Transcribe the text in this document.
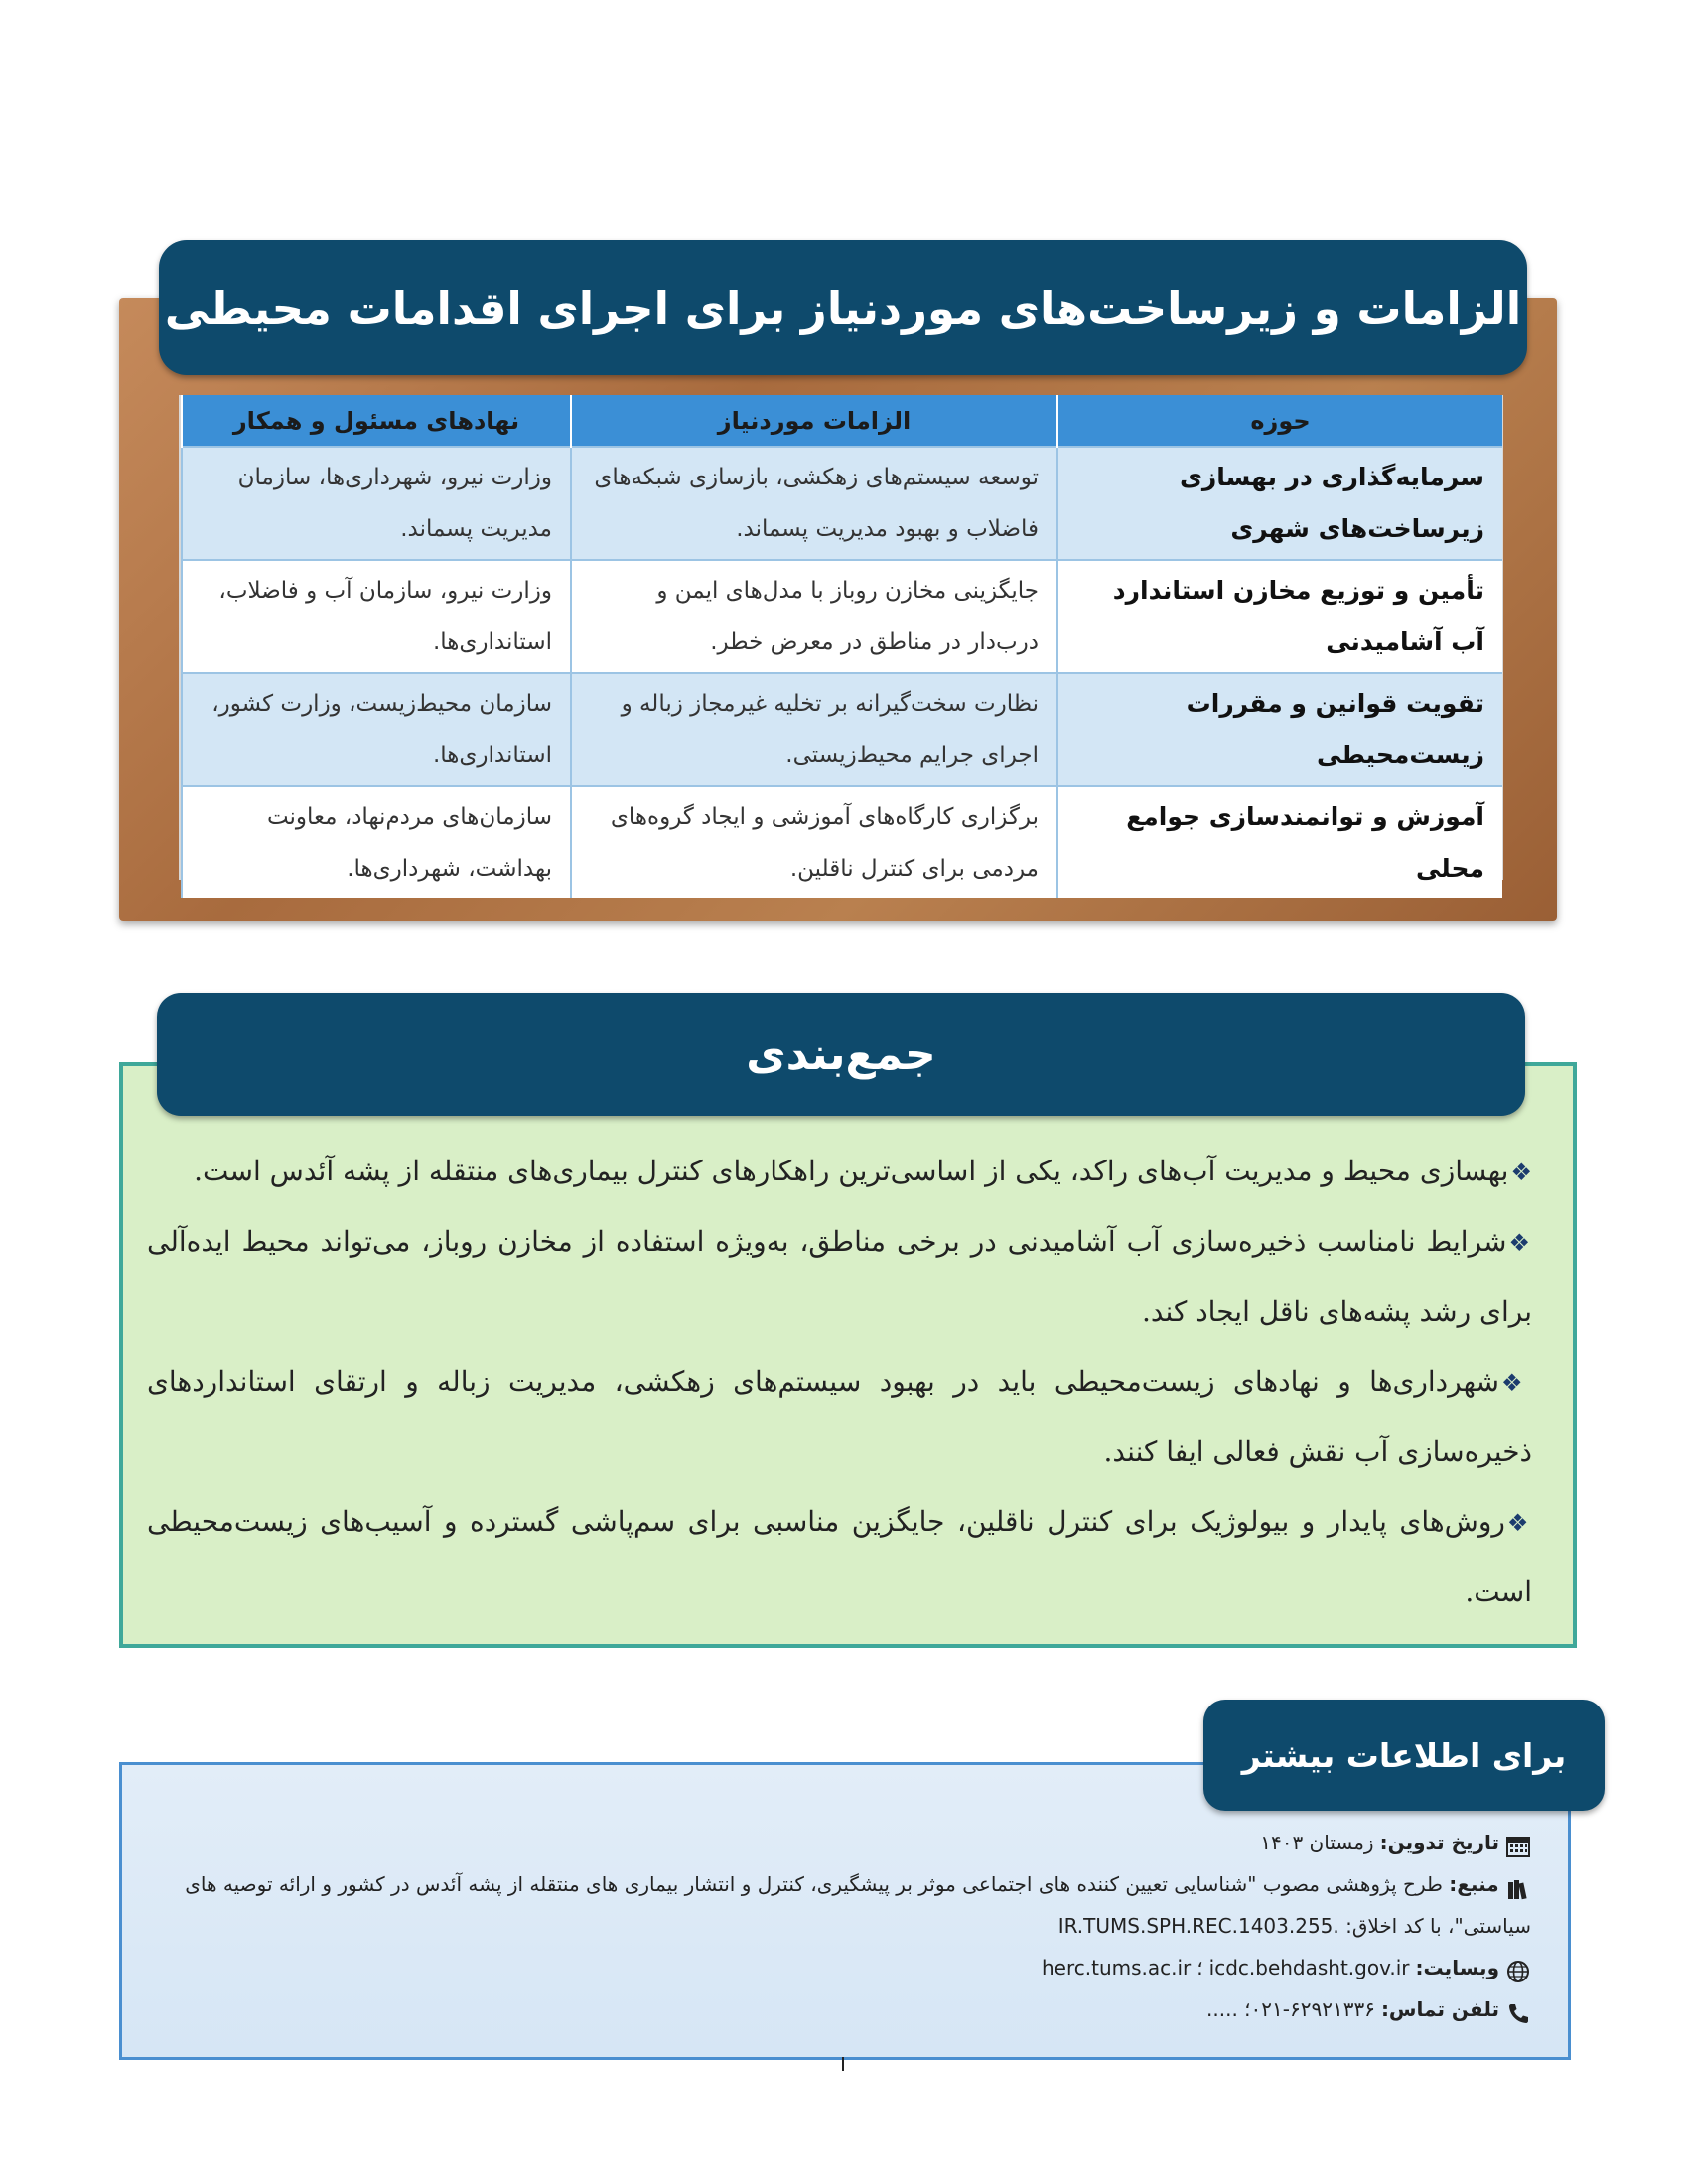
الزامات و زیرساخت‌های موردنیاز برای اجرای اقدامات محیطی
حوزه	الزامات موردنیاز	نهادهای مسئول و همکار
سرمایه‌گذاری در بهسازی زیرساخت‌های شهری	توسعه سیستم‌های زهکشی، بازسازی شبکه‌های فاضلاب و بهبود مدیریت پسماند.	وزارت نیرو، شهرداری‌ها، سازمان مدیریت پسماند.
تأمین و توزیع مخازن استاندارد آب آشامیدنی	جایگزینی مخازن روباز با مدل‌های ایمن و درب‌دار در مناطق در معرض خطر.	وزارت نیرو، سازمان آب و فاضلاب، استانداری‌ها.
تقویت قوانین و مقررات زیست‌محیطی	نظارت سخت‌گیرانه بر تخلیه غیرمجاز زباله و اجرای جرایم محیط‌زیستی.	سازمان محیط‌زیست، وزارت کشور، استانداری‌ها.
آموزش و توانمندسازی جوامع محلی	برگزاری کارگاه‌های آموزشی و ایجاد گروه‌های مردمی برای کنترل ناقلین.	سازمان‌های مردم‌نهاد، معاونت بهداشت، شهرداری‌ها.
جمع‌بندی
❖بهسازی محیط و مدیریت آب‌های راکد، یکی از اساسی‌ترین راهکارهای کنترل بیماری‌های منتقله از پشه آئدس است.
❖شرایط نامناسب ذخیره‌سازی آب آشامیدنی در برخی مناطق، به‌ویژه استفاده از مخازن روباز، می‌تواند محیط ایده‌آلی برای رشد پشه‌های ناقل ایجاد کند.
❖شهرداری‌ها و نهادهای زیست‌محیطی باید در بهبود سیستم‌های زهکشی، مدیریت زباله و ارتقای استانداردهای ذخیره‌سازی آب نقش فعالی ایفا کنند.
❖روش‌های پایدار و بیولوژیک برای کنترل ناقلین، جایگزین مناسبی برای سم‌پاشی گسترده و آسیب‌های زیست‌محیطی است.
برای اطلاعات بیشتر
تاریخ تدوین:
زمستان ۱۴۰۳
منبع: طرح پژوهشی مصوب "شناسایی تعیین کننده های اجتماعی موثر بر پیشگیری، کنترل و انتشار بیماری های منتقله از پشه آئدس در کشور و ارائه توصیه های سیاستی"، با کد اخلاق: IR.TUMS.SPH.REC.1403.255.
وبسایت:
icdc.behdasht.gov.ir
؛
herc.tums.ac.ir
تلفن تماس:
۰۲۱-۶۲۹۲۱۳۳۶؛ .....
